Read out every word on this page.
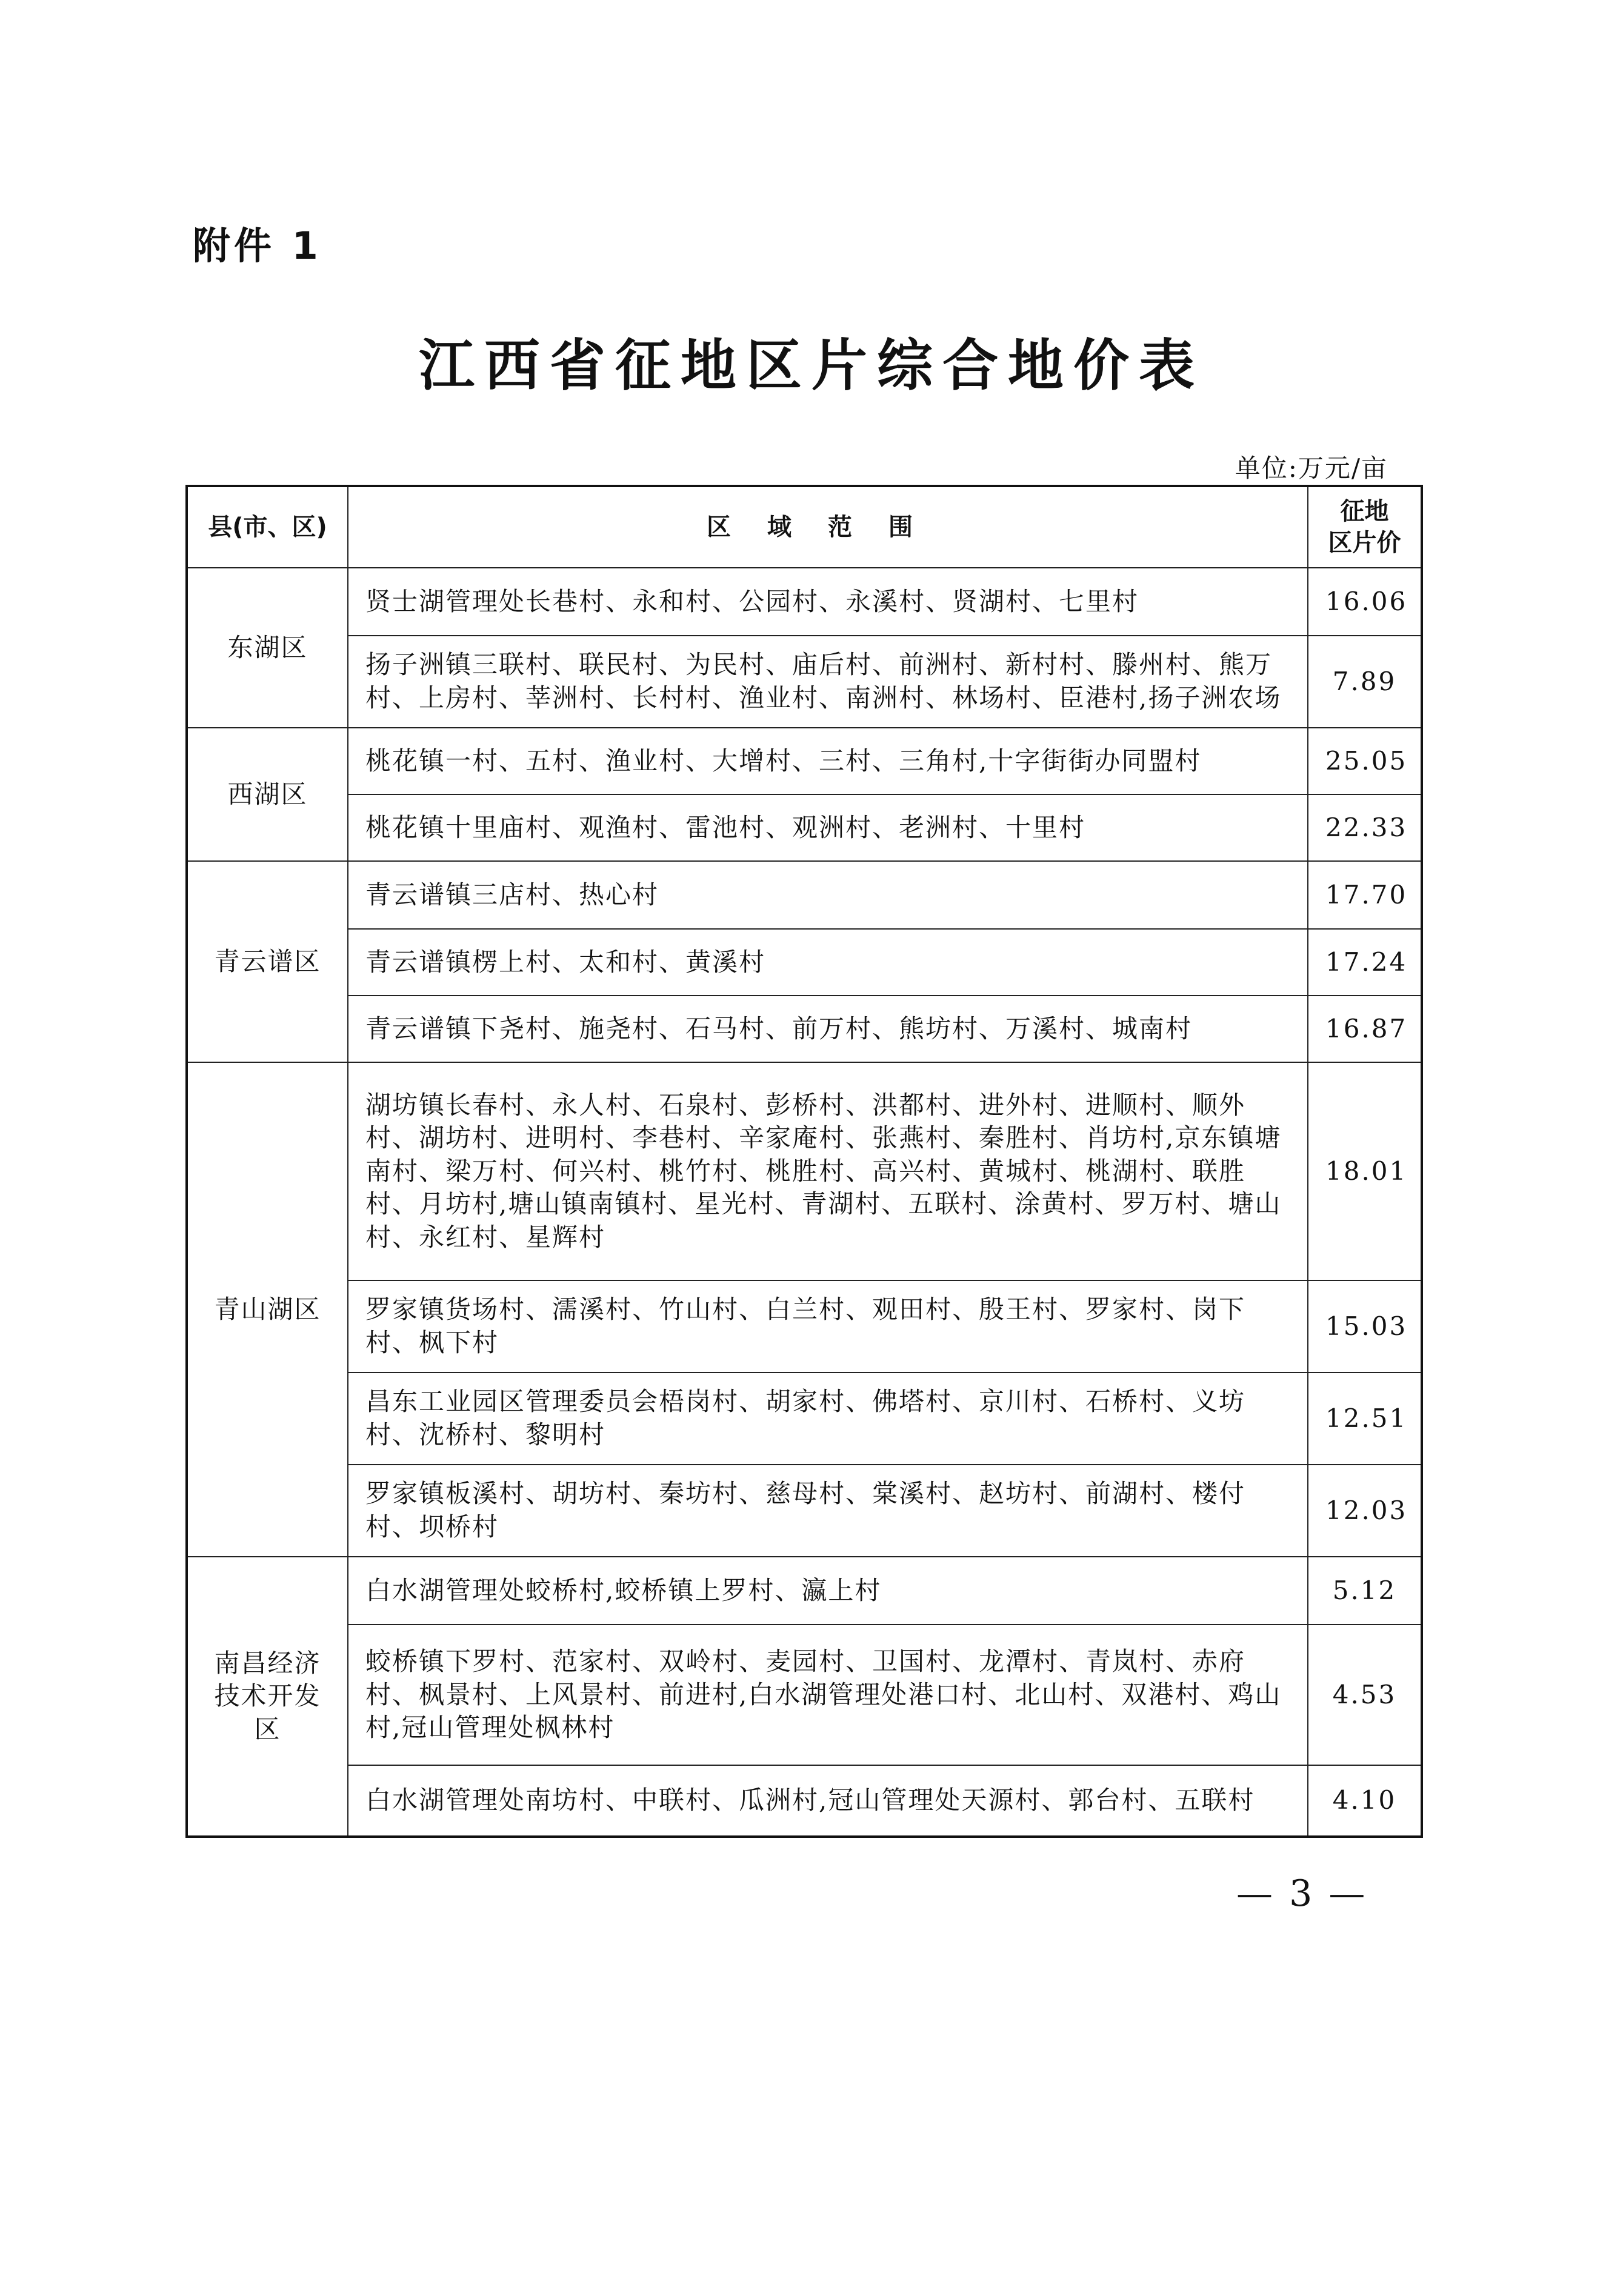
附件 1
江西省征地区片综合地价表
单位:万元/亩
县(市、区)	区域范围	征地
区片价
东湖区	贤士湖管理处长巷村、永和村、公园村、永溪村、贤湖村、七里村	16.06
	扬子洲镇三联村、联民村、为民村、庙后村、前洲村、新村村、滕州村、熊万村、上房村、莘洲村、长村村、渔业村、南洲村、林场村、臣港村,扬子洲农场	7.89
西湖区	桃花镇一村、五村、渔业村、大增村、三村、三角村,十字街街办同盟村	25.05
	桃花镇十里庙村、观渔村、雷池村、观洲村、老洲村、十里村	22.33
青云谱区	青云谱镇三店村、热心村	17.70
	青云谱镇楞上村、太和村、黄溪村	17.24
	青云谱镇下尧村、施尧村、石马村、前万村、熊坊村、万溪村、城南村	16.87
青山湖区	湖坊镇长春村、永人村、石泉村、彭桥村、洪都村、进外村、进顺村、顺外村、湖坊村、进明村、李巷村、辛家庵村、张燕村、秦胜村、肖坊村,京东镇塘南村、梁万村、何兴村、桃竹村、桃胜村、高兴村、黄城村、桃湖村、联胜村、月坊村,塘山镇南镇村、星光村、青湖村、五联村、涂黄村、罗万村、塘山村、永红村、星辉村	18.01
	罗家镇货场村、濡溪村、竹山村、白兰村、观田村、殷王村、罗家村、岗下村、枫下村	15.03
	昌东工业园区管理委员会梧岗村、胡家村、佛塔村、京川村、石桥村、义坊村、沈桥村、黎明村	12.51
	罗家镇板溪村、胡坊村、秦坊村、慈母村、棠溪村、赵坊村、前湖村、楼付村、坝桥村	12.03
南昌经济技术开发区	白水湖管理处蛟桥村,蛟桥镇上罗村、瀛上村	5.12
	蛟桥镇下罗村、范家村、双岭村、麦园村、卫国村、龙潭村、青岚村、赤府村、枫景村、上风景村、前进村,白水湖管理处港口村、北山村、双港村、鸡山村,冠山管理处枫林村	4.53
	白水湖管理处南坊村、中联村、瓜洲村,冠山管理处天源村、郭台村、五联村	4.10
— 3 —
